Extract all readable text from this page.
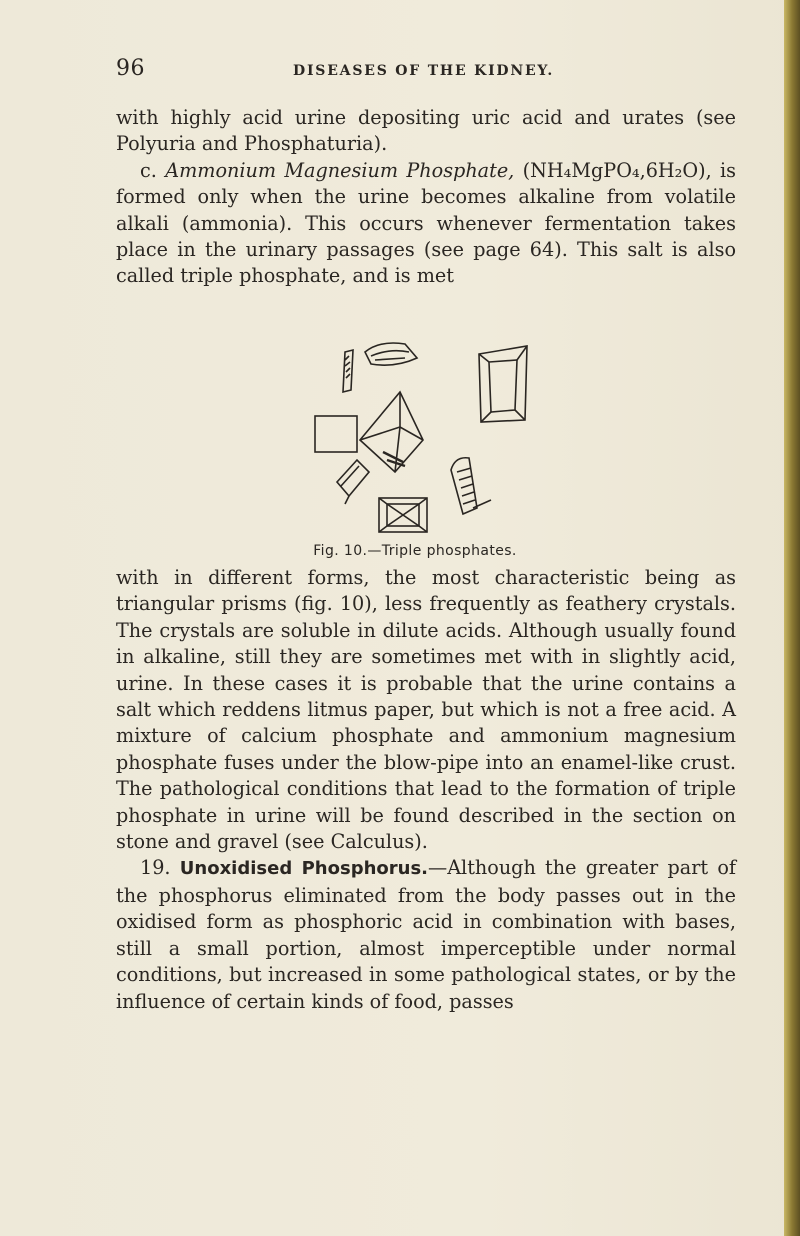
96	DISEASES OF THE KIDNEY.

with highly acid urine depositing uric acid and urates (see Polyuria and Phosphaturia).

c. Ammonium Magnesium Phosphate, (NH₄MgPO₄,6H₂O), is formed only when the urine becomes alkaline from volatile alkali (ammonia). This occurs whenever fermentation takes place in the urinary passages (see page 64). This salt is also called triple phosphate, and is met

Fig. 10.—Triple phosphates.

with in different forms, the most characteristic being as triangular prisms (fig. 10), less frequently as feathery crystals. The crystals are soluble in dilute acids. Although usually found in alkaline, still they are sometimes met with in slightly acid, urine. In these cases it is probable that the urine contains a salt which reddens litmus paper, but which is not a free acid. A mixture of calcium phosphate and ammonium magnesium phosphate fuses under the blow-pipe into an enamel-like crust. The pathological conditions that lead to the formation of triple phosphate in urine will be found described in the section on stone and gravel (see Calculus).

19. Unoxidised Phosphorus.—Although the greater part of the phosphorus eliminated from the body passes out in the oxidised form as phosphoric acid in combination with bases, still a small portion, almost imperceptible under normal conditions, but increased in some pathological states, or by the influence of certain kinds of food, passes
